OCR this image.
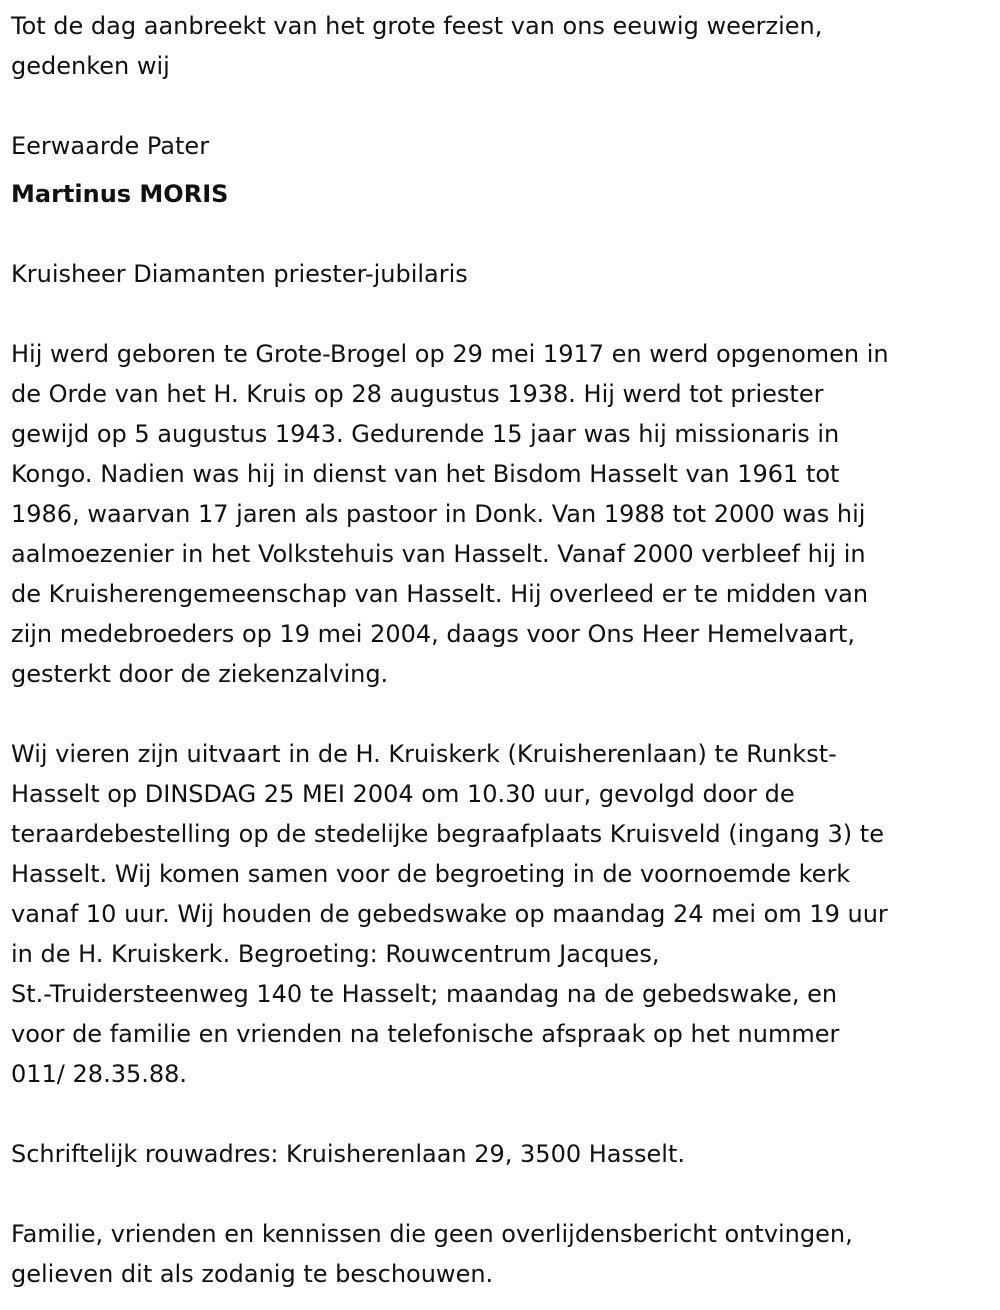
Tot de dag aanbreekt van het grote feest van ons eeuwig weerzien,
gedenken wij

Eerwaarde Pater

Martinus MORIS

Kruisheer Diamanten priester-jubilaris

Hij werd geboren te Grote-Brogel op 29 mei 1917 en werd opgenomen in
de Orde van het H. Kruis op 28 augustus 1938. Hij werd tot priester
gewijd op 5 augustus 1943. Gedurende 15 jaar was hij missionaris in
Kongo. Nadien was hij in dienst van het Bisdom Hasselt van 1961 tot
1986, waarvan 17 jaren als pastoor in Donk. Van 1988 tot 2000 was hij
aalmoezenier in het Volkstehuis van Hasselt. Vanaf 2000 verbleef hij in
de Kruisherengemeenschap van Hasselt. Hij overleed er te midden van
zijn medebroeders op 19 mei 2004, daags voor Ons Heer Hemelvaart,
gesterkt door de ziekenzalving.

Wij vieren zijn uitvaart in de H. Kruiskerk (Kruisherenlaan) te Runkst-
Hasselt op DINSDAG 25 MEI 2004 om 10.30 uur, gevolgd door de
teraardebestelling op de stedelijke begraafplaats Kruisveld (ingang 3) te
Hasselt. Wij komen samen voor de begroeting in de voornoemde kerk
vanaf 10 uur. Wij houden de gebedswake op maandag 24 mei om 19 uur
in de H. Kruiskerk. Begroeting: Rouwcentrum Jacques,
St.-Truidersteenweg 140 te Hasselt; maandag na de gebedswake, en
voor de familie en vrienden na telefonische afspraak op het nummer
011/ 28.35.88.

Schriftelijk rouwadres: Kruisherenlaan 29, 3500 Hasselt.

Familie, vrienden en kennissen die geen overlijdensbericht ontvingen,
gelieven dit als zodanig te beschouwen.
